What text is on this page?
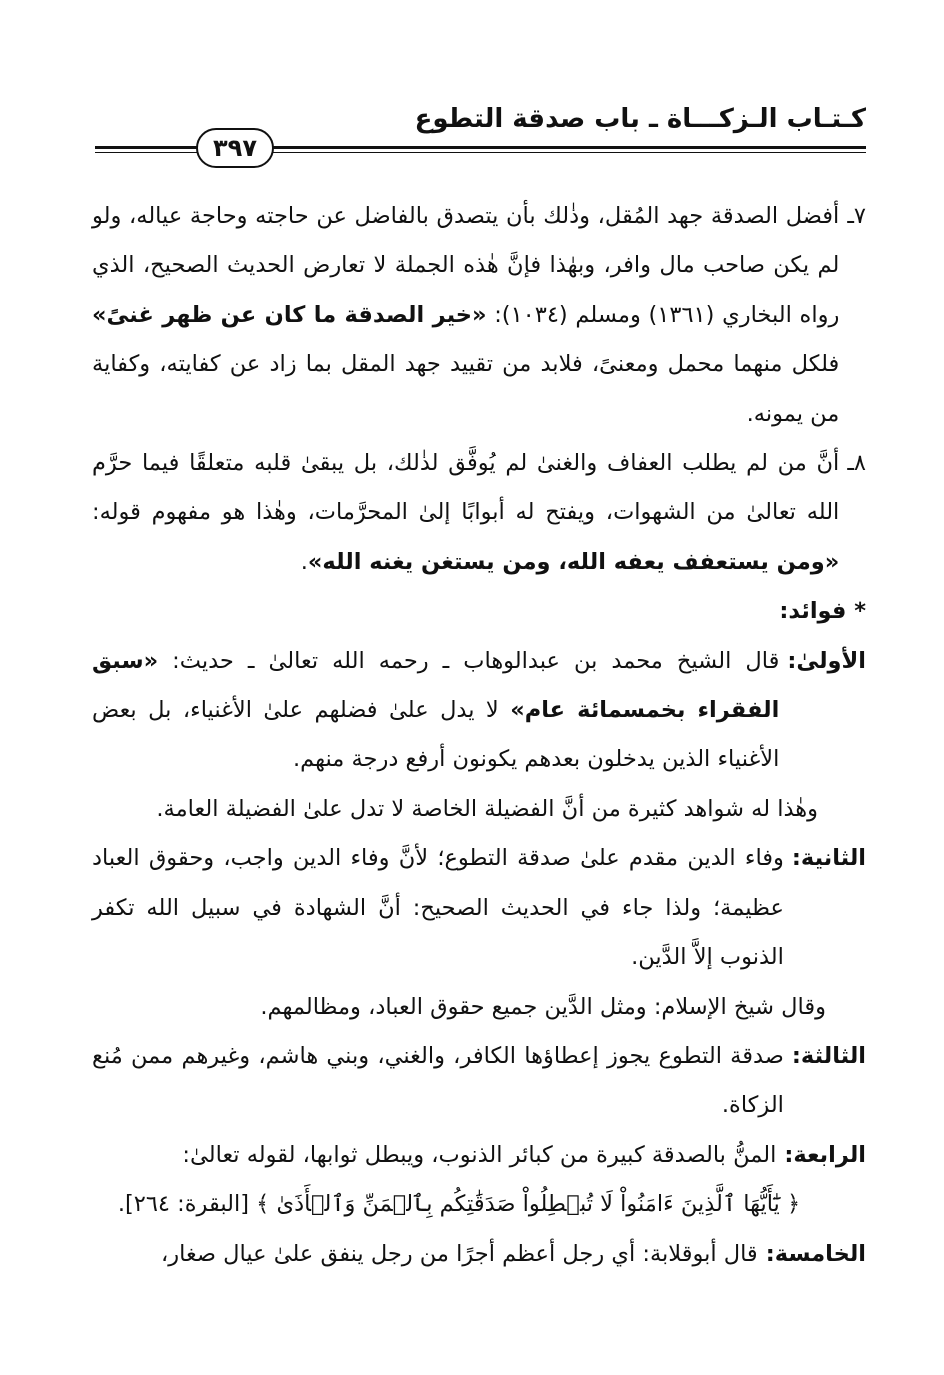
كـتـاب الـزكـــاة ـ باب صدقة التطوع
٣٩٧
٧ـ
أفضل الصدقة جهد المُقل، وذٰلك بأن يتصدق بالفاضل عن حاجته وحاجة عياله، ولو لم يكن صاحب مال وافر، وبهٰذا فإنَّ هٰذه الجملة لا تعارض الحديث الصحيح، الذي رواه البخاري (١٣٦١) ومسلم (١٠٣٤): «خير الصدقة ما كان عن ظهر غنىً» فلكل منهما محمل ومعنىً، فلابد من تقييد جهد المقل بما زاد عن كفايته، وكفاية من يمونه.
٨ـ
أنَّ من لم يطلب العفاف والغنىٰ لم يُوفَّق لذٰلك، بل يبقىٰ قلبه متعلقًا فيما حرَّم الله تعالىٰ من الشهوات، ويفتح له أبوابًا إلىٰ المحرَّمات، وهٰذا هو مفهوم قوله: «ومن يستعفف يعفه الله، ومن يستغن يغنه الله».
* فوائد:
الأولىٰ:
قال الشيخ محمد بن عبدالوهاب ـ رحمه الله تعالىٰ ـ حديث: «سبق الفقراء بخمسمائة عام» لا يدل علىٰ فضلهم علىٰ الأغنياء، بل بعض الأغنياء الذين يدخلون بعدهم يكونون أرفع درجة منهم.
وهٰذا له شواهد كثيرة من أنَّ الفضيلة الخاصة لا تدل علىٰ الفضيلة العامة.
الثانية:
وفاء الدين مقدم علىٰ صدقة التطوع؛ لأنَّ وفاء الدين واجب، وحقوق العباد عظيمة؛ ولذا جاء في الحديث الصحيح: أنَّ الشهادة في سبيل الله تكفر الذنوب إلاَّ الدَّين.
وقال شيخ الإسلام: ومثل الدَّين جميع حقوق العباد، ومظالمهم.
الثالثة:
صدقة التطوع يجوز إعطاؤها الكافر، والغني، وبني هاشم، وغيرهم ممن مُنع الزكاة.
الرابعة:
المنُّ بالصدقة كبيرة من كبائر الذنوب، ويبطل ثوابها، لقوله تعالىٰ:
﴿ يَٰٓأَيُّهَا ٱلَّذِينَ ءَامَنُواْ لَا تُبۡطِلُواْ صَدَقَٰتِكُم بِٱلۡمَنِّ وَٱلۡأَذَىٰ ﴾ [البقرة: ٢٦٤].
الخامسة:
قال أبوقلابة: أي رجل أعظم أجرًا من رجل ينفق علىٰ عيال صغار،
